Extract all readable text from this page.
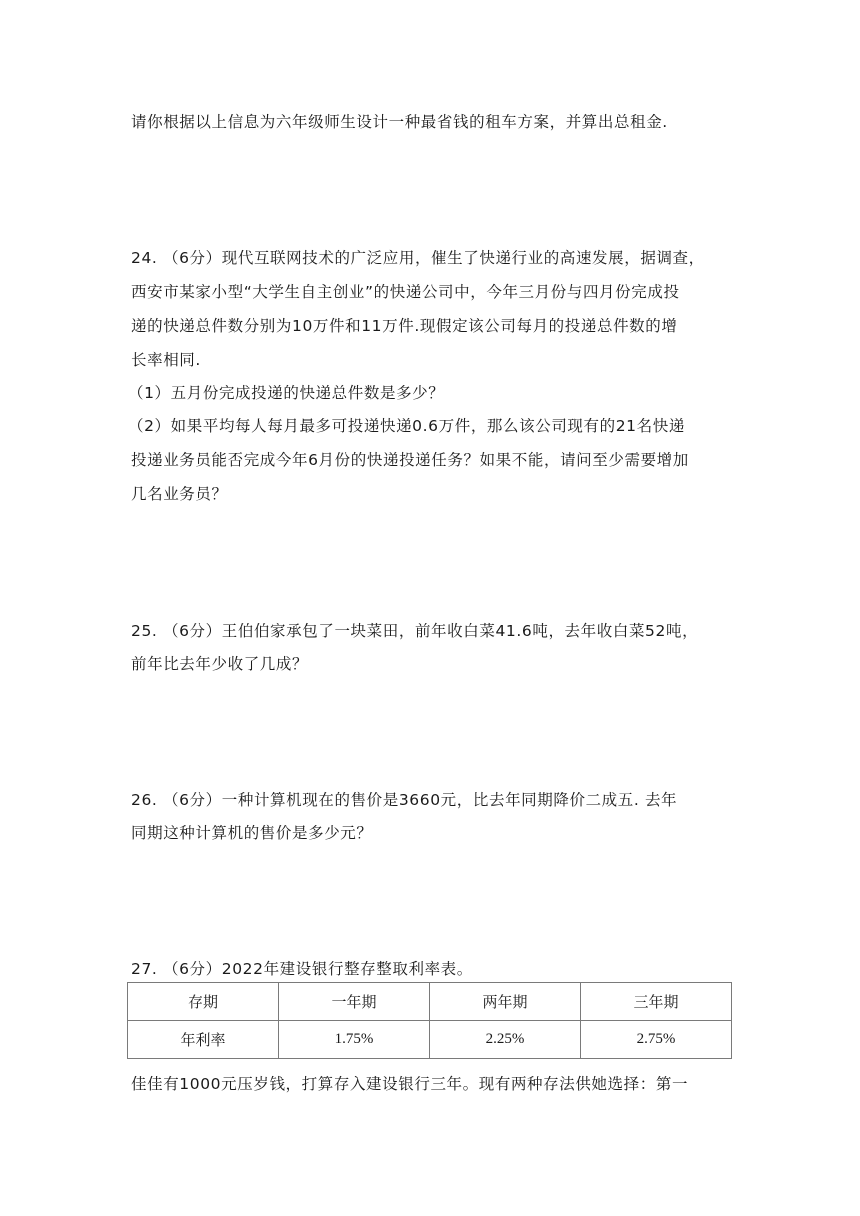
请你根据以上信息为六年级师生设计一种最省钱的租车方案，并算出总租金.
24. （6分）现代互联网技术的广泛应用，催生了快递行业的高速发展，据调查，
西安市某家小型“大学生自主创业”的快递公司中，今年三月份与四月份完成投
递的快递总件数分别为10万件和11万件.现假定该公司每月的投递总件数的增
长率相同.
（1）五月份完成投递的快递总件数是多少？
（2）如果平均每人每月最多可投递快递0.6万件，那么该公司现有的21名快递
投递业务员能否完成今年6月份的快递投递任务？如果不能，请问至少需要增加
几名业务员？
25. （6分）王伯伯家承包了一块菜田，前年收白菜41.6吨，去年收白菜52吨，
前年比去年少收了几成？
26. （6分）一种计算机现在的售价是3660元，比去年同期降价二成五. 去年
同期这种计算机的售价是多少元？
27. （6分）2022年建设银行整存整取利率表。
存期	一年期	两年期	三年期
年利率	1.75%	2.25%	2.75%
佳佳有1000元压岁钱，打算存入建设银行三年。现有两种存法供她选择：第一
